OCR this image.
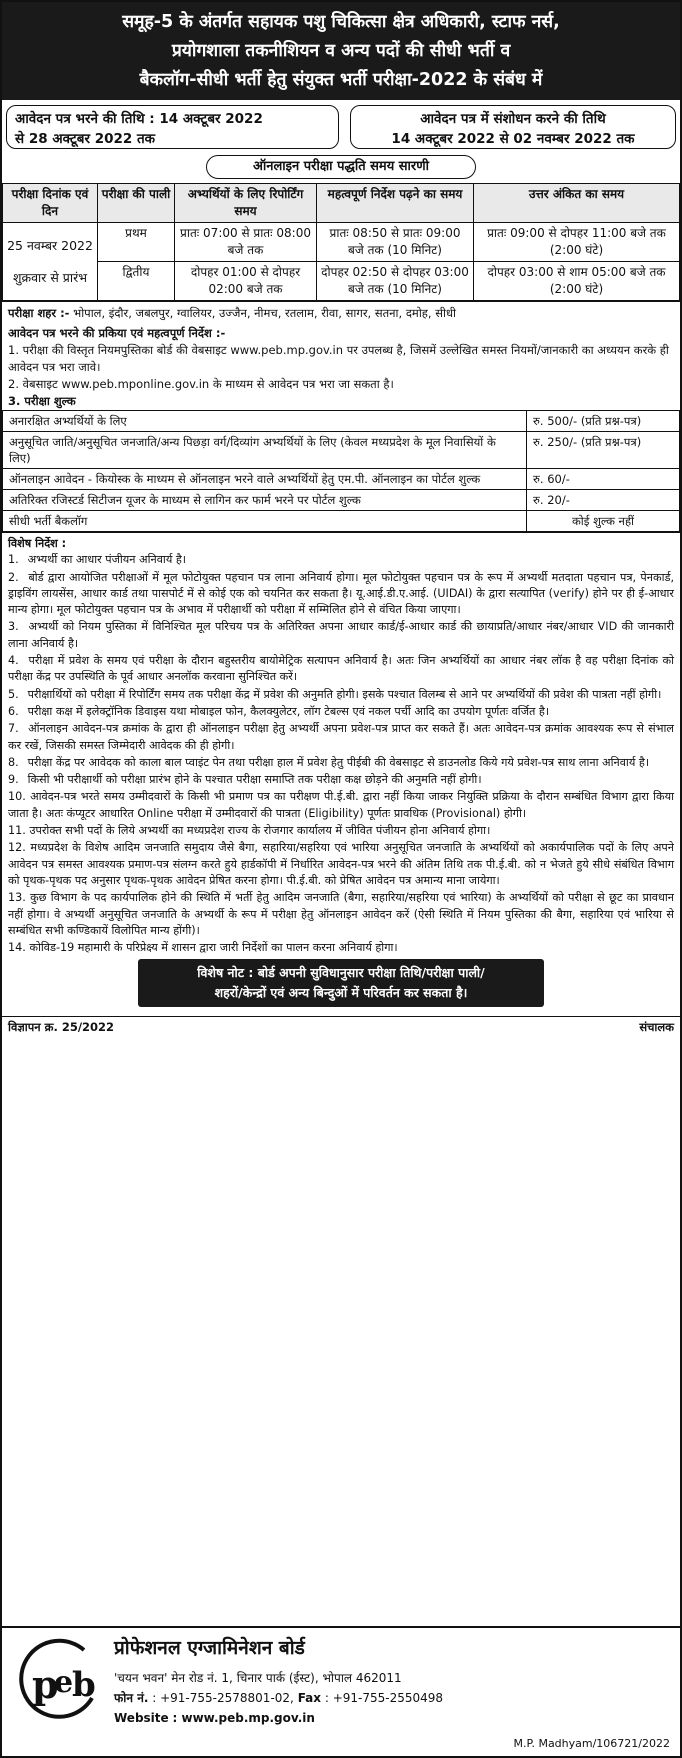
समूह-5 के अंतर्गत सहायक पशु चिकित्सा क्षेत्र अधिकारी, स्टाफ नर्स,
प्रयोगशाला तकनीशियन व अन्य पदों की सीधी भर्ती व
बैकलॉग-सीधी भर्ती हेतु संयुक्त भर्ती परीक्षा-2022 के संबंध में
आवेदन पत्र भरने की तिथि : 14 अक्टूबर 2022
से 28 अक्टूबर 2022 तक
आवेदन पत्र में संशोधन करने की तिथि
14 अक्टूबर 2022 से 02 नवम्बर 2022 तक
ऑनलाइन परीक्षा पद्धति समय सारणी
परीक्षा दिनांक एवं दिन	परीक्षा की पाली	अभ्यर्थियों के लिए रिपोर्टिंग समय	महत्वपूर्ण निर्देश पढ़ने का समय	उत्तर अंकित का समय

25 नवम्बर 2022
शुक्रवार से प्रारंभ	प्रथम	प्रातः 07:00 से प्रातः 08:00 बजे तक	प्रातः 08:50 से प्रातः 09:00 बजे तक (10 मिनिट)	प्रातः 09:00 से दोपहर 11:00 बजे तक (2:00 घंटे)
	द्वितीय	दोपहर 01:00 से दोपहर 02:00 बजे तक	दोपहर 02:50 से दोपहर 03:00 बजे तक (10 मिनिट)	दोपहर 03:00 से शाम 05:00 बजे तक (2:00 घंटे)
परीक्षा शहर :- भोपाल, इंदौर, जबलपुर, ग्वालियर, उज्जैन, नीमच, रतलाम, रीवा, सागर, सतना, दमोह, सीधी
आवेदन पत्र भरने की प्रकिया एवं महत्वपूर्ण निर्देश :-
1. परीक्षा की विस्तृत नियमपुस्तिका बोर्ड की वेबसाइट www.peb.mp.gov.in पर उपलब्ध है, जिसमें उल्लेखित समस्त नियमों/जानकारी का अध्ययन करके ही आवेदन पत्र भरा जावे।
2. वेबसाइट www.peb.mponline.gov.in के माध्यम से आवेदन पत्र भरा जा सकता है।
3. परीक्षा शुल्क
अनारक्षित अभ्यर्थियों के लिए	रु. 500/- (प्रति प्रश्न-पत्र)
अनुसूचित जाति/अनुसूचित जनजाति/अन्य पिछड़ा वर्ग/दिव्यांग अभ्यर्थियों के लिए (केवल मध्यप्रदेश के मूल निवासियों के लिए)	रु. 250/- (प्रति प्रश्न-पत्र)
ऑनलाइन आवेदन - कियोस्क के माध्यम से ऑनलाइन भरने वाले अभ्यर्थियों हेतु एम.पी. ऑनलाइन का पोर्टल शुल्क	रु. 60/-
अतिरिक्त रजिस्टर्ड सिटीजन यूजर के माध्यम से लागिन कर फार्म भरने पर पोर्टल शुल्क	रु. 20/-
सीधी भर्ती बैकलॉग	कोई शुल्क नहीं
विशेष निर्देश :
1. अभ्यर्थी का आधार पंजीयन अनिवार्य है।
2. बोर्ड द्वारा आयोजित परीक्षाओं में मूल फोटोयुक्त पहचान पत्र लाना अनिवार्य होगा। मूल फोटोयुक्त पहचान पत्र के रूप में अभ्यर्थी मतदाता पहचान पत्र, पेनकार्ड, ड्राइविंग लायसेंस, आधार कार्ड तथा पासपोर्ट में से कोई एक को चयनित कर सकता है। यू.आई.डी.ए.आई. (UIDAI) के द्वारा सत्यापित (verify) होने पर ही ई-आधार मान्य होगा। मूल फोटोयुक्त पहचान पत्र के अभाव में परीक्षार्थी को परीक्षा में सम्मिलित होने से वंचित किया जाएगा।
3. अभ्यर्थी को नियम पुस्तिका में विनिश्चित मूल परिचय पत्र के अतिरिक्त अपना आधार कार्ड/ई-आधार कार्ड की छायाप्रति/आधार नंबर/आधार VID की जानकारी लाना अनिवार्य है।
4. परीक्षा में प्रवेश के समय एवं परीक्षा के दौरान बहुस्तरीय बायोमेट्रिक सत्यापन अनिवार्य है। अतः जिन अभ्यर्थियों का आधार नंबर लॉक है वह परीक्षा दिनांक को परीक्षा केंद्र पर उपस्थिति के पूर्व आधार अनलॉक करवाना सुनिश्चित करें।
5. परीक्षार्थियों को परीक्षा में रिपोर्टिंग समय तक परीक्षा केंद्र में प्रवेश की अनुमति होगी। इसके पश्चात विलम्ब से आने पर अभ्यर्थियों की प्रवेश की पात्रता नहीं होगी।
6. परीक्षा कक्ष में इलेक्ट्रॉनिक डिवाइस यथा मोबाइल फोन, कैलक्युलेटर, लॉग टेबल्स एवं नकल पर्ची आदि का उपयोग पूर्णतः वर्जित है।
7. ऑनलाइन आवेदन-पत्र क्रमांक के द्वारा ही ऑनलाइन परीक्षा हेतु अभ्यर्थी अपना प्रवेश-पत्र प्राप्त कर सकते हैं। अतः आवेदन-पत्र क्रमांक आवश्यक रूप से संभाल कर रखें, जिसकी समस्त जिम्मेदारी आवेदक की ही होगी।
8. परीक्षा केंद्र पर आवेदक को काला बाल प्वाइंट पेन तथा परीक्षा हाल में प्रवेश हेतु पीईबी की वेबसाइट से डाउनलोड किये गये प्रवेश-पत्र साथ लाना अनिवार्य है।
9. किसी भी परीक्षार्थी को परीक्षा प्रारंभ होने के पश्चात परीक्षा समाप्ति तक परीक्षा कक्ष छोड़ने की अनुमति नहीं होगी।
10. आवेदन-पत्र भरते समय उम्मीदवारों के किसी भी प्रमाण पत्र का परीक्षण पी.ई.बी. द्वारा नहीं किया जाकर नियुक्ति प्रक्रिया के दौरान सम्बंधित विभाग द्वारा किया जाता है। अतः कंप्यूटर आधारित Online परीक्षा में उम्मीदवारों की पात्रता (Eligibility) पूर्णतः प्रावधिक (Provisional) होगी।
11. उपरोक्त सभी पदों के लिये अभ्यर्थी का मध्यप्रदेश राज्य के रोजगार कार्यालय में जीवित पंजीयन होना अनिवार्य होगा।
12. मध्यप्रदेश के विशेष आदिम जनजाति समुदाय जैसे बैगा, सहारिया/सहरिया एवं भारिया अनुसूचित जनजाति के अभ्यर्थियों को अकार्यपालिक पदों के लिए अपने आवेदन पत्र समस्त आवश्यक प्रमाण-पत्र संलग्न करते हुये हार्डकॉपी में निर्धारित आवेदन-पत्र भरने की अंतिम तिथि तक पी.ई.बी. को न भेजते हुये सीधे संबंधित विभाग को पृथक-पृथक पद अनुसार पृथक-पृथक आवेदन प्रेषित करना होगा। पी.ई.बी. को प्रेषित आवेदन पत्र अमान्य माना जायेगा।
13. कुछ विभाग के पद कार्यपालिक होने की स्थिति में भर्ती हेतु आदिम जनजाति (बैगा, सहारिया/सहरिया एवं भारिया) के अभ्यर्थियों को परीक्षा से छूट का प्रावधान नहीं होगा। वे अभ्यर्थी अनुसूचित जनजाति के अभ्यर्थी के रूप में परीक्षा हेतु ऑनलाइन आवेदन करें (ऐसी स्थिति में नियम पुस्तिका की बैगा, सहारिया एवं भारिया से सम्बंधित सभी कण्डिकायें विलोपित मान्य होंगी)।
14. कोविड-19 महामारी के परिप्रेक्ष्य में शासन द्वारा जारी निर्देशों का पालन करना अनिवार्य होगा।
विशेष नोट : बोर्ड अपनी सुविधानुसार परीक्षा तिथि/परीक्षा पाली/
शहरों/केन्द्रों एवं अन्य बिन्दुओं में परिवर्तन कर सकता है।
विज्ञापन क्र. 25/2022	संचालक
p
e
b
प्रोफेशनल एग्जामिनेशन बोर्ड
'चयन भवन' मेन रोड नं. 1, चिनार पार्क (ईस्ट), भोपाल 462011
फोन नं. : +91-755-2578801-02, Fax : +91-755-2550498
Website : www.peb.mp.gov.in
M.P. Madhyam/106721/2022
